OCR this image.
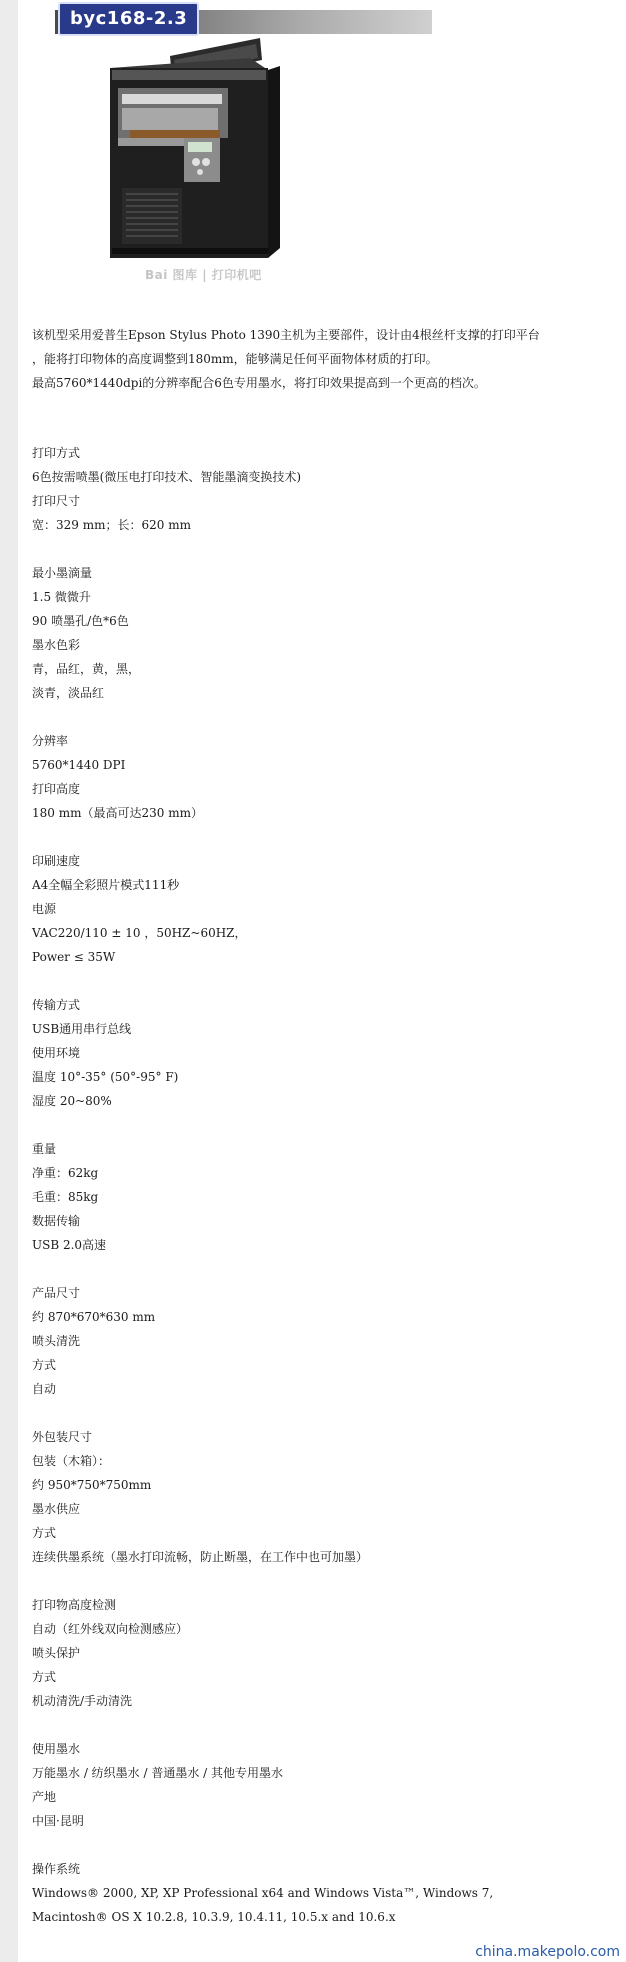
byc168-2.3
Bai 图库 | 打印机吧

该机型采用爱普生Epson Stylus Photo 1390主机为主要部件，设计由4根丝杆支撑的打印平台

，能将打印物体的高度调整到180mm，能够满足任何平面物体材质的打印。

最高5760*1440dpi的分辨率配合6色专用墨水，将打印效果提高到一个更高的档次。

打印方式
6色按需喷墨(微压电打印技术、智能墨滴变换技术)
打印尺寸
宽：329 mm；长：620 mm
最小墨滴量
1.5 微微升
90 喷墨孔/色*6色
墨水色彩
青，品红，黄，黑，
淡青，淡品红
分辨率
5760*1440 DPI
打印高度
180 mm（最高可达230 mm）
印刷速度
A4全幅全彩照片模式111秒
电源
VAC220/110 ± 10 ，50HZ~60HZ，
Power ≤ 35W
传输方式
USB通用串行总线
使用环境
温度 10°-35° (50°-95° F)
湿度 20~80%
重量
净重：62kg
毛重：85kg
数据传输
USB 2.0高速
产品尺寸
约 870*670*630 mm
喷头清洗
方式
自动
外包装尺寸
包装（木箱）：
约 950*750*750mm
墨水供应
方式
连续供墨系统（墨水打印流畅，防止断墨，在工作中也可加墨）
打印物高度检测
自动（红外线双向检测感应）
喷头保护
方式
机动清洗/手动清洗
使用墨水
万能墨水 / 纺织墨水 / 普通墨水 / 其他专用墨水
产地
中国·昆明
操作系统
Windows® 2000, XP, XP Professional x64 and Windows Vista™, Windows 7,
Macintosh® OS X 10.2.8, 10.3.9, 10.4.11, 10.5.x and 10.6.x
china.makepolo.com
